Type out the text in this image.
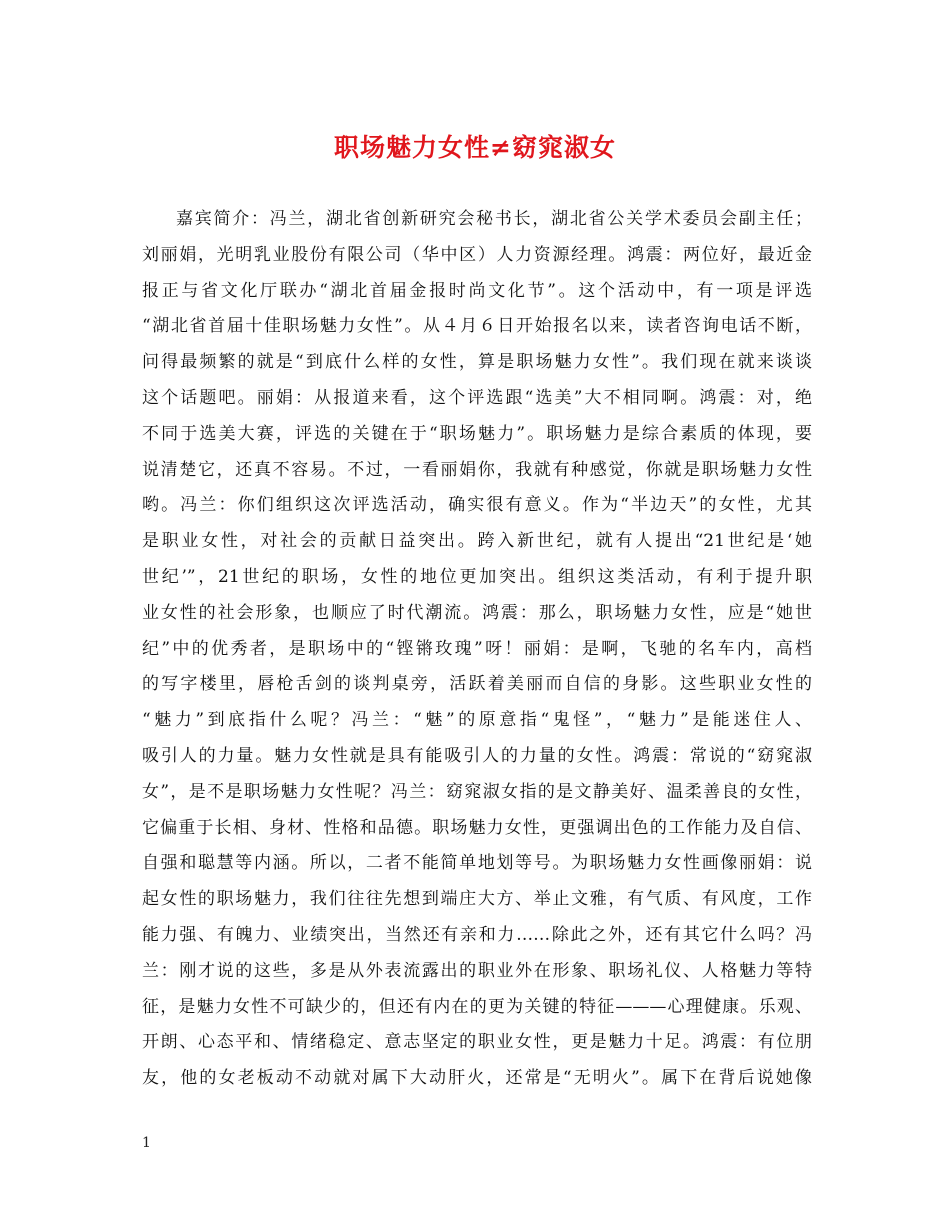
职场魅力女性≠窈窕淑女
嘉宾简介：冯兰，湖北省创新研究会秘书长，湖北省公关学术委员会副主任；
刘丽娟，光明乳业股份有限公司（华中区）人力资源经理。鸿震：两位好，最近金
报正与省文化厅联办“湖北首届金报时尚文化节”。这个活动中，有一项是评选
“湖北省首届十佳职场魅力女性”。从４月６日开始报名以来，读者咨询电话不断，
问得最频繁的就是“到底什么样的女性，算是职场魅力女性”。我们现在就来谈谈
这个话题吧。丽娟：从报道来看，这个评选跟“选美”大不相同啊。鸿震：对，绝
不同于选美大赛，评选的关键在于“职场魅力”。职场魅力是综合素质的体现，要
说清楚它，还真不容易。不过，一看丽娟你，我就有种感觉，你就是职场魅力女性
哟。冯兰：你们组织这次评选活动，确实很有意义。作为“半边天”的女性，尤其
是职业女性，对社会的贡献日益突出。跨入新世纪，就有人提出“21世纪是‘她
世纪’”，21世纪的职场，女性的地位更加突出。组织这类活动，有利于提升职
业女性的社会形象，也顺应了时代潮流。鸿震：那么，职场魅力女性，应是“她世
纪”中的优秀者，是职场中的“铿锵玫瑰”呀！丽娟：是啊，飞驰的名车内，高档
的写字楼里，唇枪舌剑的谈判桌旁，活跃着美丽而自信的身影。这些职业女性的
“魅力”到底指什么呢？冯兰：“魅”的原意指“鬼怪”，“魅力”是能迷住人、
吸引人的力量。魅力女性就是具有能吸引人的力量的女性。鸿震：常说的“窈窕淑
女”，是不是职场魅力女性呢？冯兰：窈窕淑女指的是文静美好、温柔善良的女性，
它偏重于长相、身材、性格和品德。职场魅力女性，更强调出色的工作能力及自信、
自强和聪慧等内涵。所以，二者不能简单地划等号。为职场魅力女性画像丽娟：说
起女性的职场魅力，我们往往先想到端庄大方、举止文雅，有气质、有风度，工作
能力强、有魄力、业绩突出，当然还有亲和力……除此之外，还有其它什么吗？冯
兰：刚才说的这些，多是从外表流露出的职业外在形象、职场礼仪、人格魅力等特
征，是魅力女性不可缺少的，但还有内在的更为关键的特征———心理健康。乐观、
开朗、心态平和、情绪稳定、意志坚定的职业女性，更是魅力十足。鸿震：有位朋
友，他的女老板动不动就对属下大动肝火，还常是“无明火”。属下在背后说她像
1
